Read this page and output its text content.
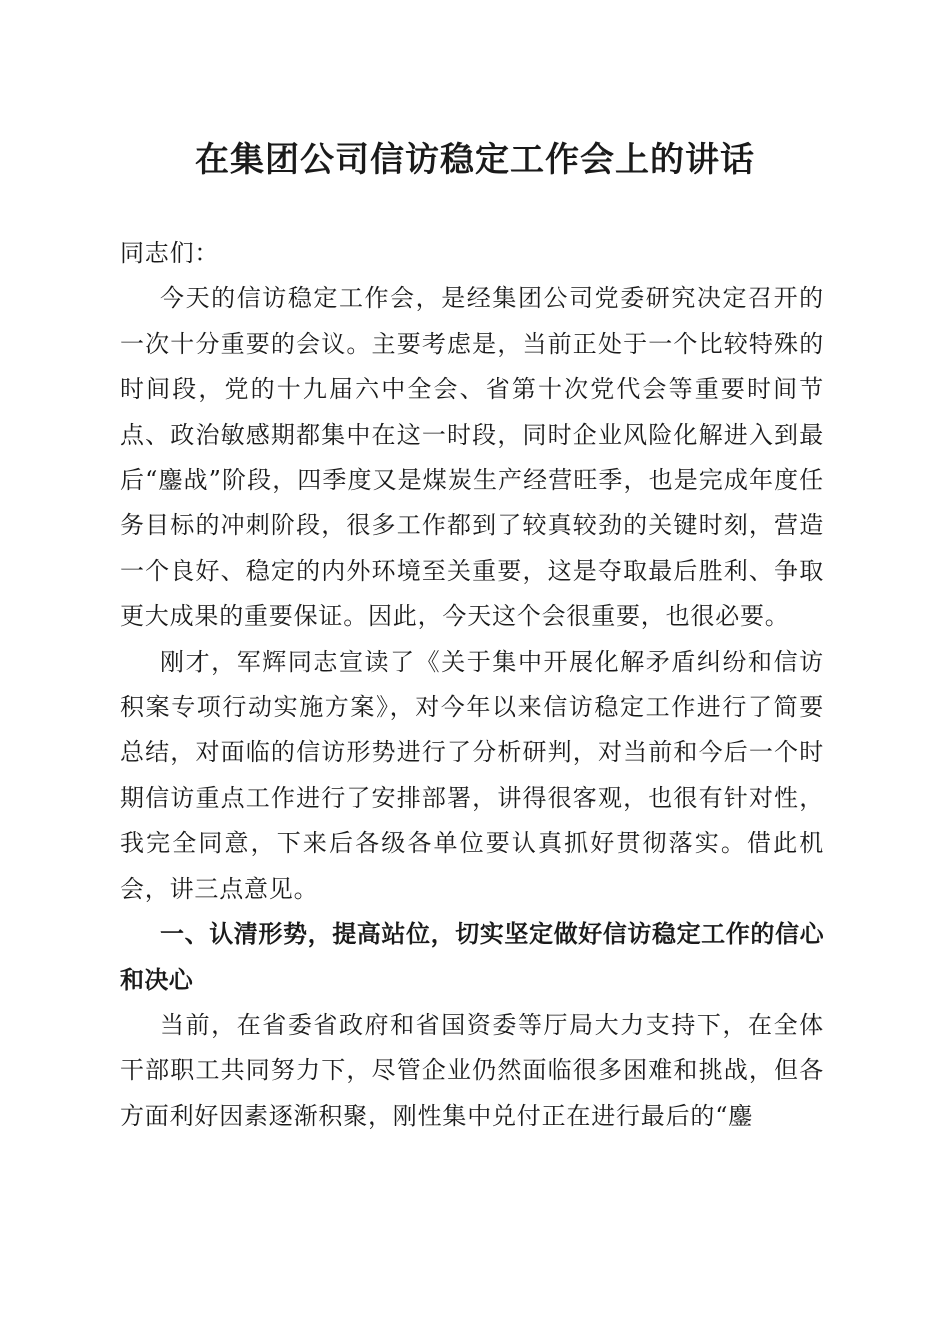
在集团公司信访稳定工作会上的讲话

同志们：

今天的信访稳定工作会，是经集团公司党委研究决定召开的一次十分重要的会议。主要考虑是，当前正处于一个比较特殊的时间段，党的十九届六中全会、省第十次党代会等重要时间节点、政治敏感期都集中在这一时段，同时企业风险化解进入到最后“鏖战”阶段，四季度又是煤炭生产经营旺季，也是完成年度任务目标的冲刺阶段，很多工作都到了较真较劲的关键时刻，营造一个良好、稳定的内外环境至关重要，这是夺取最后胜利、争取更大成果的重要保证。因此，今天这个会很重要，也很必要。

刚才，军辉同志宣读了《关于集中开展化解矛盾纠纷和信访积案专项行动实施方案》，对今年以来信访稳定工作进行了简要总结，对面临的信访形势进行了分析研判，对当前和今后一个时期信访重点工作进行了安排部署，讲得很客观，也很有针对性，我完全同意，下来后各级各单位要认真抓好贯彻落实。借此机会，讲三点意见。

一、认清形势，提高站位，切实坚定做好信访稳定工作的信心和决心

当前，在省委省政府和省国资委等厅局大力支持下，在全体干部职工共同努力下，尽管企业仍然面临很多困难和挑战，但各方面利好因素逐渐积聚，刚性集中兑付正在进行最后的“鏖
